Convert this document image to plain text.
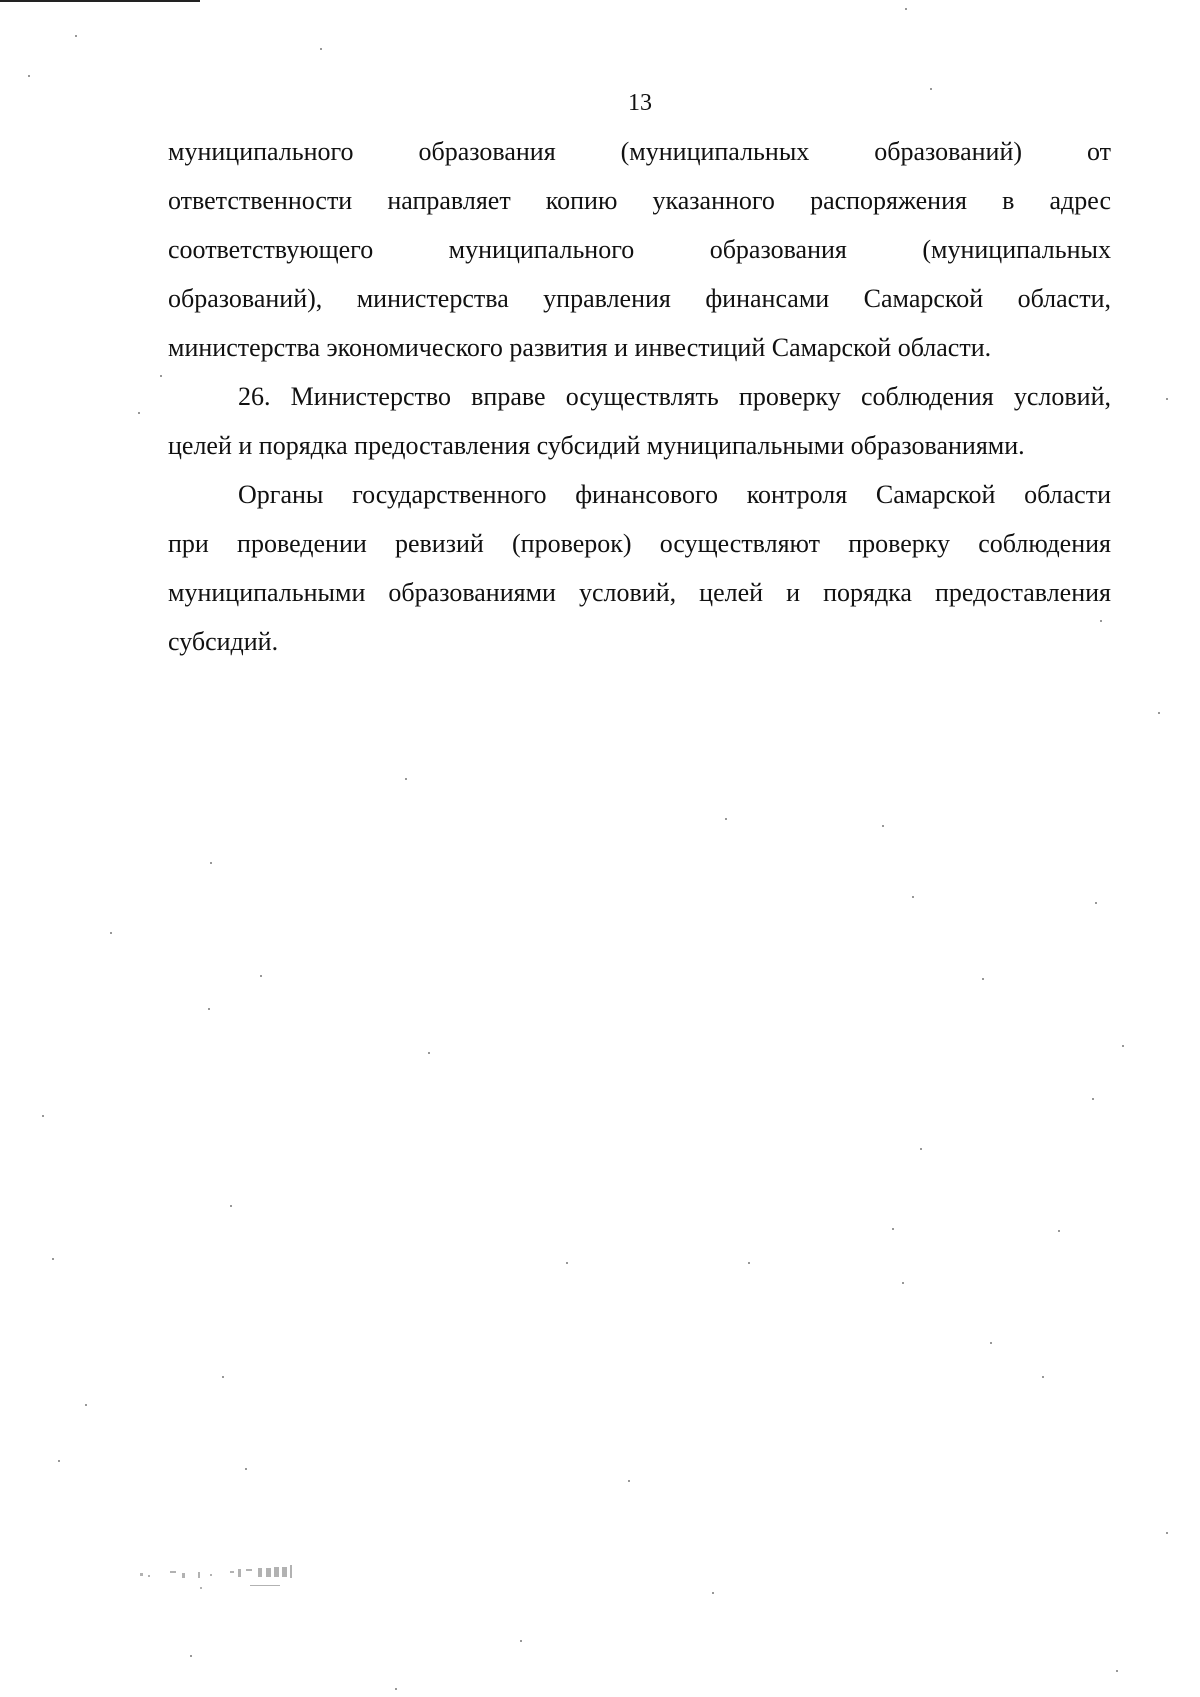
13

муниципального образования (муниципальных образований) от
ответственности направляет копию указанного распоряжения в адрес
соответствующего муниципального образования (муниципальных
образований), министерства управления финансами Самарской области,
министерства экономического развития и инвестиций Самарской области.

26. Министерство вправе осуществлять проверку соблюдения условий,
целей и порядка предоставления субсидий муниципальными образованиями.

Органы государственного финансового контроля Самарской области
при проведении ревизий (проверок) осуществляют проверку соблюдения
муниципальными образованиями условий, целей и порядка предоставления
субсидий.
